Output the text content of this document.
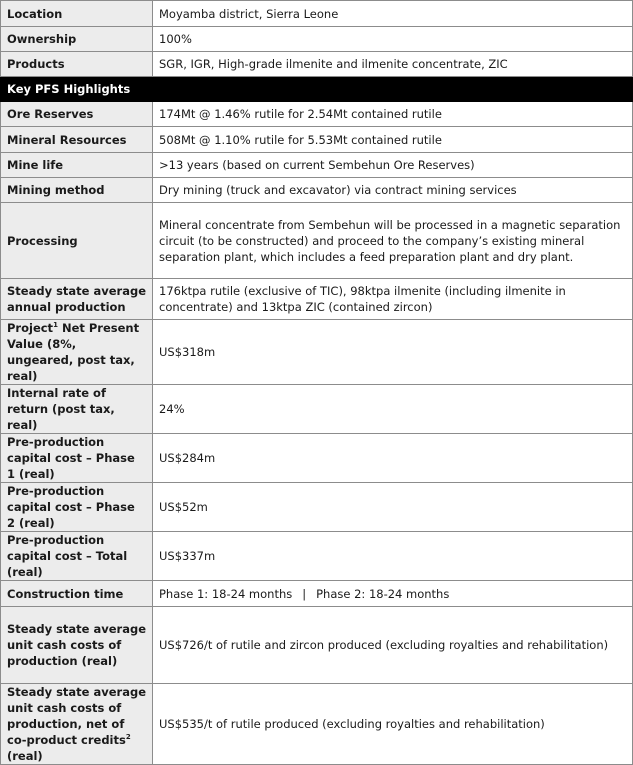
Location	Moyamba district, Sierra Leone
Ownership	100%
Products	SGR, IGR, High-grade ilmenite and ilmenite concentrate, ZIC
Key PFS Highlights	
Ore Reserves	174Mt @ 1.46% rutile for 2.54Mt contained rutile
Mineral Resources	508Mt @ 1.10% rutile for 5.53Mt contained rutile
Mine life	>13 years (based on current Sembehun Ore Reserves)
Mining method	Dry mining (truck and excavator) via contract mining services
Processing	Mineral concentrate from Sembehun will be processed in a magnetic separation circuit (to be constructed) and proceed to the company’s existing mineral separation plant, which includes a feed preparation plant and dry plant.
Steady state average annual production	176ktpa rutile (exclusive of TIC), 98ktpa ilmenite (including ilmenite in concentrate) and 13ktpa ZIC (contained zircon)
Project$^1$ Net Present Value (8%, ungeared, post tax, real)	US$318m
Internal rate of return (post tax, real)	24%
Pre-production capital cost – Phase 1 (real)	US$284m
Pre-production capital cost – Phase 2 (real)	US$52m
Pre-production capital cost – Total (real)	US$337m
Construction time	Phase 1: 18-24 months | Phase 2: 18-24 months
Steady state average unit cash costs of production (real)	US$726/t of rutile and zircon produced (excluding royalties and rehabilitation)
Steady state average unit cash costs of production, net of co-product credits$^2$ (real)	US$535/t of rutile produced (excluding royalties and rehabilitation)
